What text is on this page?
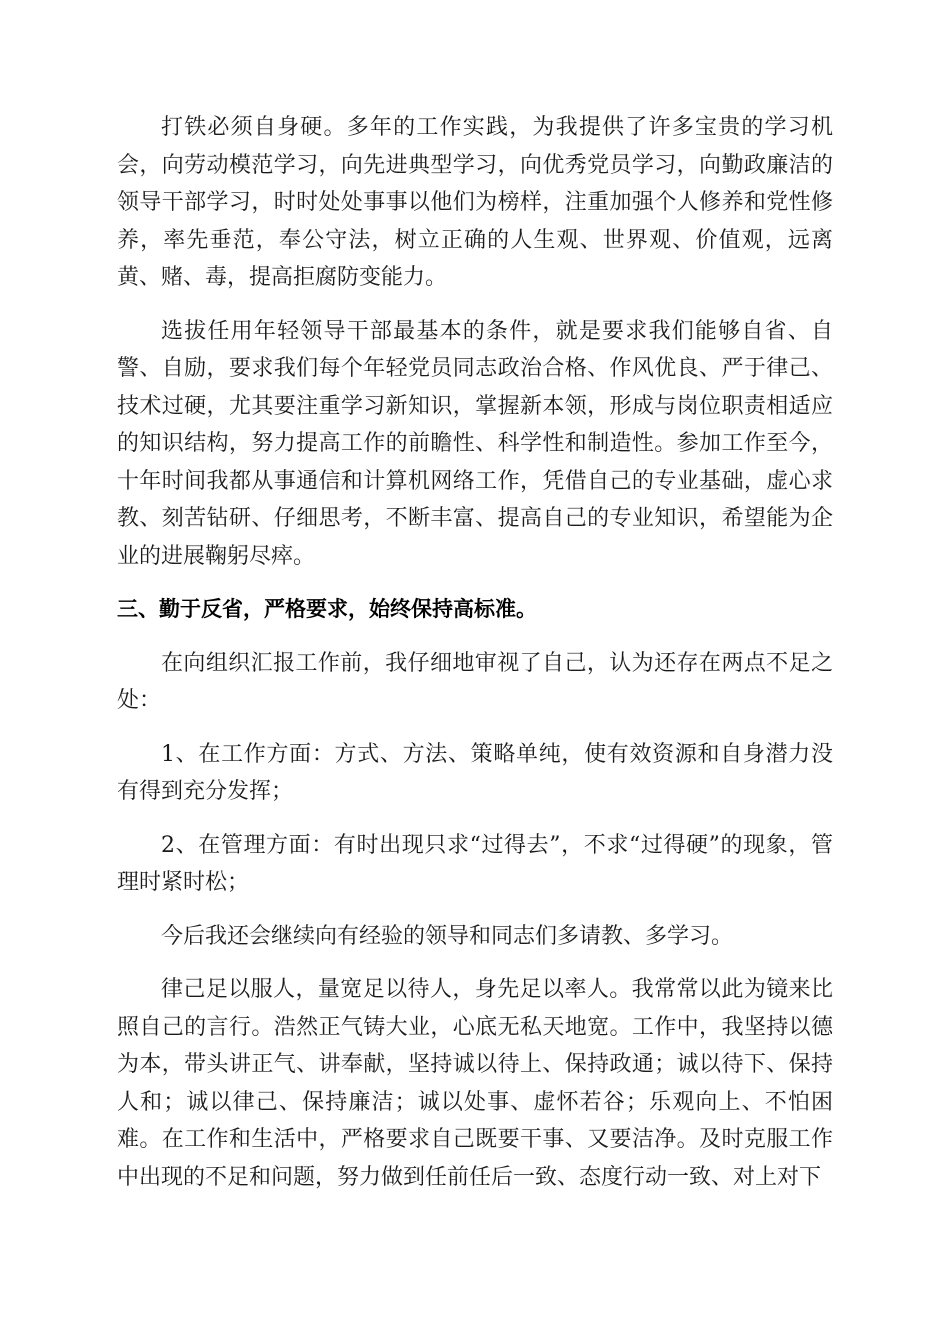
打铁必须自身硬。多年的工作实践，为我提供了许多宝贵的学习机会，向劳动模范学习，向先进典型学习，向优秀党员学习，向勤政廉洁的领导干部学习，时时处处事事以他们为榜样，注重加强个人修养和党性修养，率先垂范，奉公守法，树立正确的人生观、世界观、价值观，远离黄、赌、毒，提高拒腐防变能力。

选拔任用年轻领导干部最基本的条件，就是要求我们能够自省、自警、自励，要求我们每个年轻党员同志政治合格、作风优良、严于律己、技术过硬，尤其要注重学习新知识，掌握新本领，形成与岗位职责相适应的知识结构，努力提高工作的前瞻性、科学性和制造性。参加工作至今，十年时间我都从事通信和计算机网络工作，凭借自己的专业基础，虚心求教、刻苦钻研、仔细思考，不断丰富、提高自己的专业知识，希望能为企业的进展鞠躬尽瘁。

三、勤于反省，严格要求，始终保持高标准。

在向组织汇报工作前，我仔细地审视了自己，认为还存在两点不足之处：

1、在工作方面：方式、方法、策略单纯，使有效资源和自身潜力没有得到充分发挥；

2、在管理方面：有时出现只求“过得去”，不求“过得硬”的现象，管理时紧时松；

今后我还会继续向有经验的领导和同志们多请教、多学习。

律己足以服人，量宽足以待人，身先足以率人。我常常以此为镜来比照自己的言行。浩然正气铸大业，心底无私天地宽。工作中，我坚持以德为本，带头讲正气、讲奉献，坚持诚以待上、保持政通；诚以待下、保持人和；诚以律己、保持廉洁；诚以处事、虚怀若谷；乐观向上、不怕困难。在工作和生活中，严格要求自己既要干事、又要洁净。及时克服工作中出现的不足和问题，努力做到任前任后一致、态度行动一致、对上对下
